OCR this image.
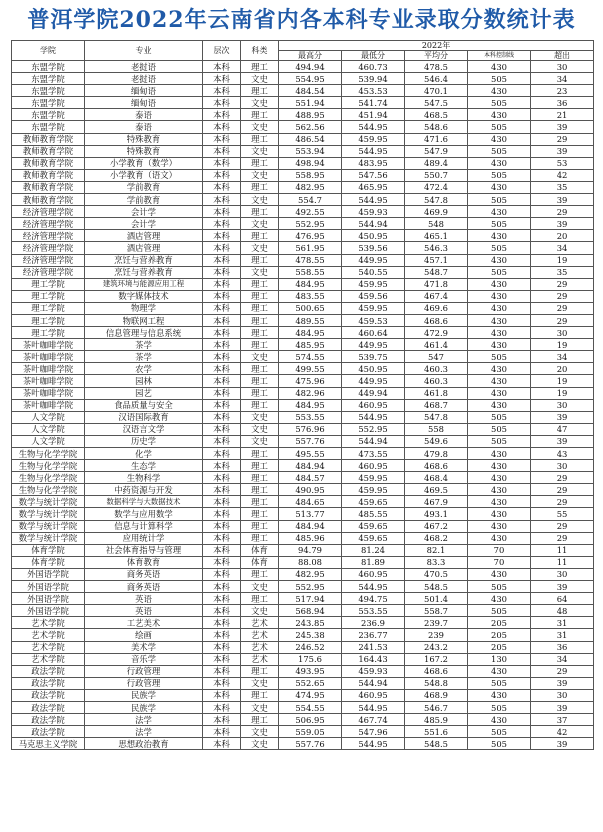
普洱学院2022年云南省内各本科专业录取分数统计表
学院	专业	层次	科类	2022年				
				最高分	最低分	平均分	本科控制线	超出
东盟学院	老挝语	本科	理工	494.94	460.73	478.5	430	30
东盟学院	老挝语	本科	文史	554.95	539.94	546.4	505	34
东盟学院	缅甸语	本科	理工	484.54	453.53	470.1	430	23
东盟学院	缅甸语	本科	文史	551.94	541.74	547.5	505	36
东盟学院	泰语	本科	理工	488.95	451.94	468.5	430	21
东盟学院	泰语	本科	文史	562.56	544.95	548.6	505	39
教师教育学院	特殊教育	本科	理工	486.54	459.95	471.6	430	29
教师教育学院	特殊教育	本科	文史	553.94	544.95	547.9	505	39
教师教育学院	小学教育（数学）	本科	理工	498.94	483.95	489.4	430	53
教师教育学院	小学教育（语文）	本科	文史	558.95	547.56	550.7	505	42
教师教育学院	学前教育	本科	理工	482.95	465.95	472.4	430	35
教师教育学院	学前教育	本科	文史	554.7	544.95	547.8	505	39
经济管理学院	会计学	本科	理工	492.55	459.93	469.9	430	29
经济管理学院	会计学	本科	文史	552.95	544.94	548	505	39
经济管理学院	酒店管理	本科	理工	476.95	450.95	465.1	430	20
经济管理学院	酒店管理	本科	文史	561.95	539.56	546.3	505	34
经济管理学院	烹饪与营养教育	本科	理工	478.55	449.95	457.1	430	19
经济管理学院	烹饪与营养教育	本科	文史	558.55	540.55	548.7	505	35
理工学院	建筑环境与能源应用工程	本科	理工	484.95	459.95	471.8	430	29
理工学院	数字媒体技术	本科	理工	483.55	459.56	467.4	430	29
理工学院	物理学	本科	理工	500.65	459.95	469.6	430	29
理工学院	物联网工程	本科	理工	489.55	459.53	468.6	430	29
理工学院	信息管理与信息系统	本科	理工	484.95	460.64	472.9	430	30
茶叶咖啡学院	茶学	本科	理工	485.95	449.95	461.4	430	19
茶叶咖啡学院	茶学	本科	文史	574.55	539.75	547	505	34
茶叶咖啡学院	农学	本科	理工	499.55	450.95	460.3	430	20
茶叶咖啡学院	园林	本科	理工	475.96	449.95	460.3	430	19
茶叶咖啡学院	园艺	本科	理工	482.96	449.94	461.8	430	19
茶叶咖啡学院	食品质量与安全	本科	理工	484.95	460.95	468.7	430	30
人文学院	汉语国际教育	本科	文史	553.55	544.95	547.8	505	39
人文学院	汉语言文学	本科	文史	576.96	552.95	558	505	47
人文学院	历史学	本科	文史	557.76	544.94	549.6	505	39
生物与化学学院	化学	本科	理工	495.55	473.55	479.8	430	43
生物与化学学院	生态学	本科	理工	484.94	460.95	468.6	430	30
生物与化学学院	生物科学	本科	理工	484.57	459.95	468.4	430	29
生物与化学学院	中药资源与开发	本科	理工	490.95	459.95	469.5	430	29
数学与统计学院	数据科学与大数据技术	本科	理工	484.65	459.65	467.9	430	29
数学与统计学院	数学与应用数学	本科	理工	513.77	485.55	493.1	430	55
数学与统计学院	信息与计算科学	本科	理工	484.94	459.65	467.2	430	29
数学与统计学院	应用统计学	本科	理工	485.96	459.65	468.2	430	29
体育学院	社会体育指导与管理	本科	体育	94.79	81.24	82.1	70	11
体育学院	体育教育	本科	体育	88.08	81.89	83.3	70	11
外国语学院	商务英语	本科	理工	482.95	460.95	470.5	430	30
外国语学院	商务英语	本科	文史	552.95	544.95	548.5	505	39
外国语学院	英语	本科	理工	517.94	494.75	501.4	430	64
外国语学院	英语	本科	文史	568.94	553.55	558.7	505	48
艺术学院	工艺美术	本科	艺术	243.85	236.9	239.7	205	31
艺术学院	绘画	本科	艺术	245.38	236.77	239	205	31
艺术学院	美术学	本科	艺术	246.52	241.53	243.2	205	36
艺术学院	音乐学	本科	艺术	175.6	164.43	167.2	130	34
政法学院	行政管理	本科	理工	493.95	459.93	468.6	430	29
政法学院	行政管理	本科	文史	552.65	544.94	548.8	505	39
政法学院	民族学	本科	理工	474.95	460.95	468.9	430	30
政法学院	民族学	本科	文史	554.55	544.95	546.7	505	39
政法学院	法学	本科	理工	506.95	467.74	485.9	430	37
政法学院	法学	本科	文史	559.05	547.96	551.6	505	42
马克思主义学院	思想政治教育	本科	文史	557.76	544.95	548.5	505	39
